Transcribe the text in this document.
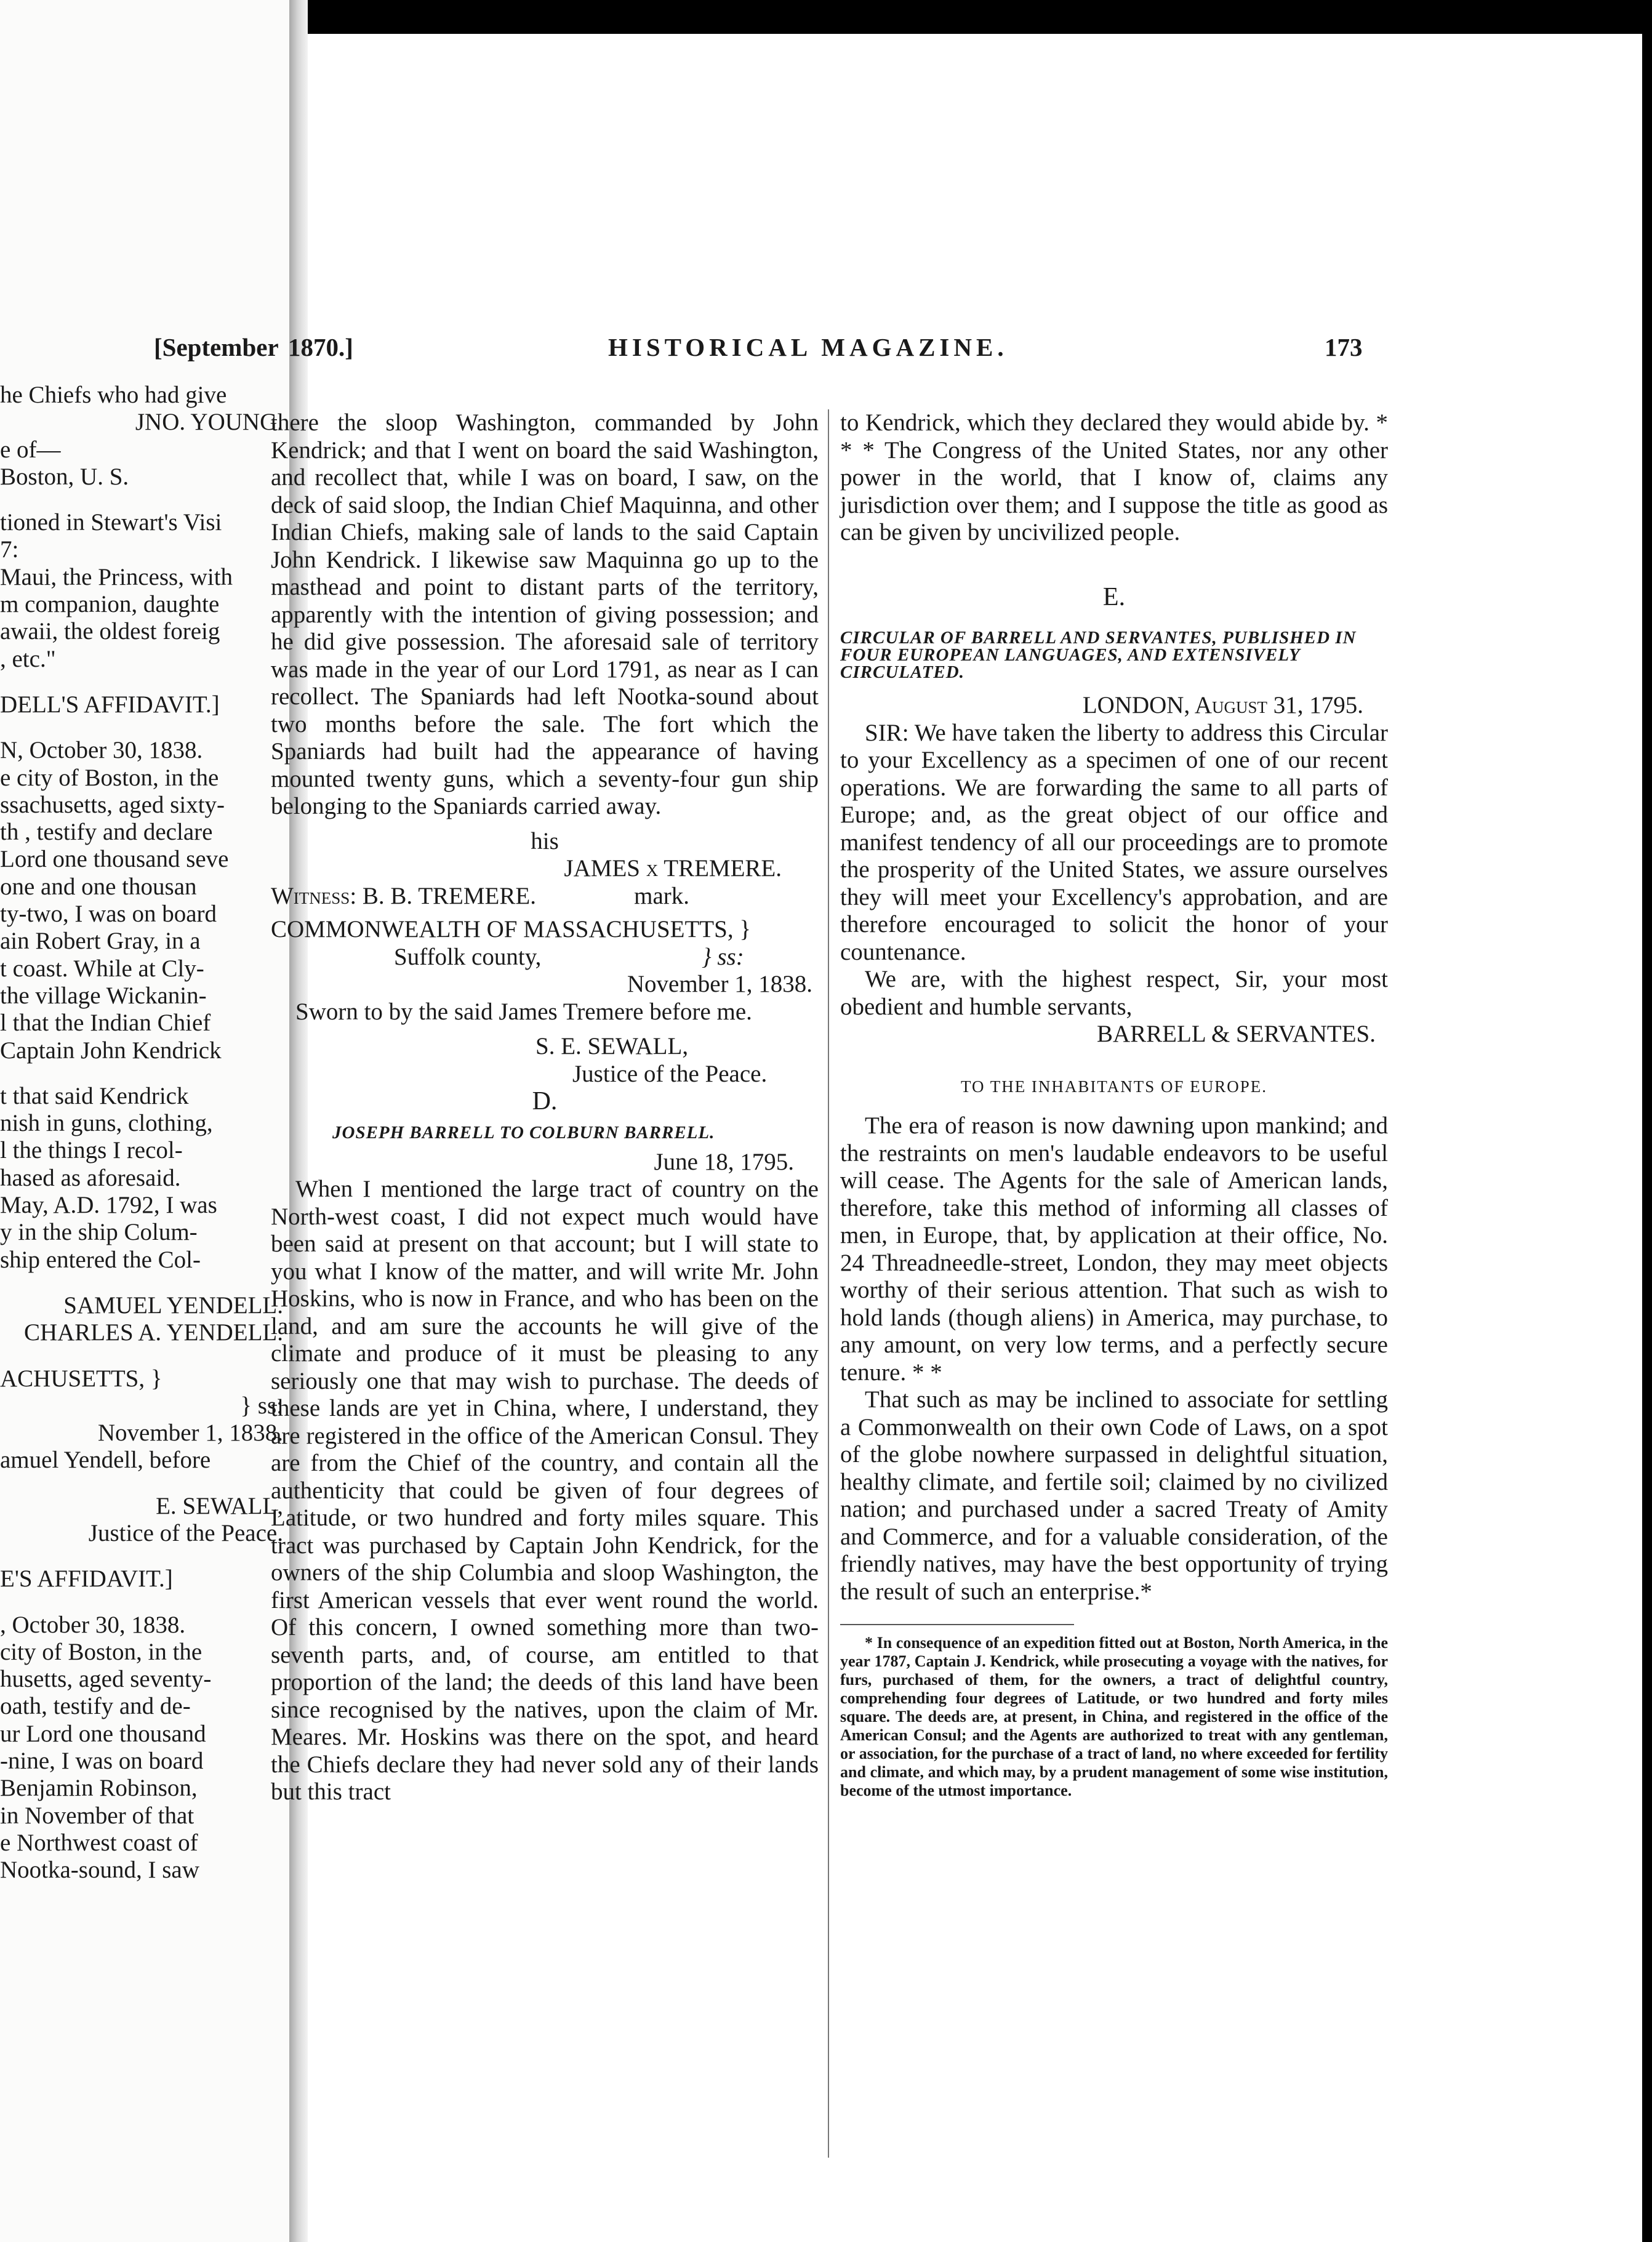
[September

he Chiefs who had give

JNO. YOUNG.

e of—

Boston, U. S.

tioned in Stewart's Visi

7:

Maui, the Princess, with

m companion, daughte

awaii, the oldest foreig

, etc."

DELL'S AFFIDAVIT.]

N, October 30, 1838.

e city of Boston, in the

ssachusetts, aged sixty-

th , testify and declare

Lord one thousand seve

one and one thousan

ty-two, I was on board

ain Robert Gray, in a

t coast. While at Cly-

the village Wickanin-

l that the Indian Chief

Captain John Kendrick

t that said Kendrick

nish in guns, clothing,

l the things I recol-

hased as aforesaid.

May, A.D. 1792, I was

y in the ship Colum-

ship entered the Col-

SAMUEL YENDELL.

CHARLES A. YENDELL.

ACHUSETTS, }

} ss:

November 1, 1838.

amuel Yendell, before

E. SEWALL,

Justice of the Peace.

E'S AFFIDAVIT.]

, October 30, 1838.

city of Boston, in the

husetts, aged seventy-

oath, testify and de-

ur Lord one thousand

-nine, I was on board

Benjamin Robinson,

in November of that

e Northwest coast of

Nootka-sound, I saw

1870.]	HISTORICAL MAGAZINE.	173

there the sloop Washington, commanded by John Kendrick; and that I went on board the said Washington, and recollect that, while I was on board, I saw, on the deck of said sloop, the Indian Chief Maquinna, and other Indian Chiefs, making sale of lands to the said Captain John Kendrick. I likewise saw Maquinna go up to the masthead and point to distant parts of the territory, apparently with the intention of giving possession; and he did give possession. The aforesaid sale of territory was made in the year of our Lord 1791, as near as I can recollect. The Spaniards had left Nootka-sound about two months before the sale. The fort which the Spaniards had built had the appearance of having mounted twenty guns, which a seventy-four gun ship belonging to the Spaniards carried away.

his

JAMES x TREMERE.

Witness: B. B. TREMERE.	mark.

COMMONWEALTH OF MASSACHUSETTS, }

Suffolk county,	} ss:

November 1, 1838.

Sworn to by the said James Tremere before me.

S. E. SEWALL,

Justice of the Peace.

D.

JOSEPH BARRELL TO COLBURN BARRELL.

June 18, 1795.

When I mentioned the large tract of country on the North-west coast, I did not expect much would have been said at present on that account; but I will state to you what I know of the matter, and will write Mr. John Hoskins, who is now in France, and who has been on the land, and am sure the accounts he will give of the climate and produce of it must be pleasing to any seriously one that may wish to purchase. The deeds of these lands are yet in China, where, I understand, they are registered in the office of the American Consul. They are from the Chief of the country, and contain all the authenticity that could be given of four degrees of Latitude, or two hundred and forty miles square. This tract was purchased by Captain John Kendrick, for the owners of the ship Columbia and sloop Washington, the first American vessels that ever went round the world. Of this concern, I owned something more than two-seventh parts, and, of course, am entitled to that proportion of the land; the deeds of this land have been since recognised by the natives, upon the claim of Mr. Meares. Mr. Hoskins was there on the spot, and heard the Chiefs declare they had never sold any of their lands but this tract

to Kendrick, which they declared they would abide by. * * * The Congress of the United States, nor any other power in the world, that I know of, claims any jurisdiction over them; and I suppose the title as good as can be given by uncivilized people.

E.

CIRCULAR OF BARRELL AND SERVANTES, PUBLISHED IN FOUR EUROPEAN LANGUAGES, AND EXTENSIVELY CIRCULATED.

LONDON, August 31, 1795.

SIR: We have taken the liberty to address this Circular to your Excellency as a specimen of one of our recent operations. We are forwarding the same to all parts of Europe; and, as the great object of our office and manifest tendency of all our proceedings are to promote the prosperity of the United States, we assure ourselves they will meet your Excellency's approbation, and are therefore encouraged to solicit the honor of your countenance.

We are, with the highest respect, Sir, your most obedient and humble servants,

BARRELL & SERVANTES.

TO THE INHABITANTS OF EUROPE.

The era of reason is now dawning upon mankind; and the restraints on men's laudable endeavors to be useful will cease. The Agents for the sale of American lands, therefore, take this method of informing all classes of men, in Europe, that, by application at their office, No. 24 Threadneedle-street, London, they may meet objects worthy of their serious attention. That such as wish to hold lands (though aliens) in America, may purchase, to any amount, on very low terms, and a perfectly secure tenure. * *

That such as may be inclined to associate for settling a Commonwealth on their own Code of Laws, on a spot of the globe nowhere surpassed in delightful situation, healthy climate, and fertile soil; claimed by no civilized nation; and purchased under a sacred Treaty of Amity and Commerce, and for a valuable consideration, of the friendly natives, may have the best opportunity of trying the result of such an enterprise.*

* In consequence of an expedition fitted out at Boston, North America, in the year 1787, Captain J. Kendrick, while prosecuting a voyage with the natives, for furs, purchased of them, for the owners, a tract of delightful country, comprehending four degrees of Latitude, or two hundred and forty miles square. The deeds are, at present, in China, and registered in the office of the American Consul; and the Agents are authorized to treat with any gentleman, or association, for the purchase of a tract of land, no where exceeded for fertility and climate, and which may, by a prudent management of some wise institution, become of the utmost importance.
